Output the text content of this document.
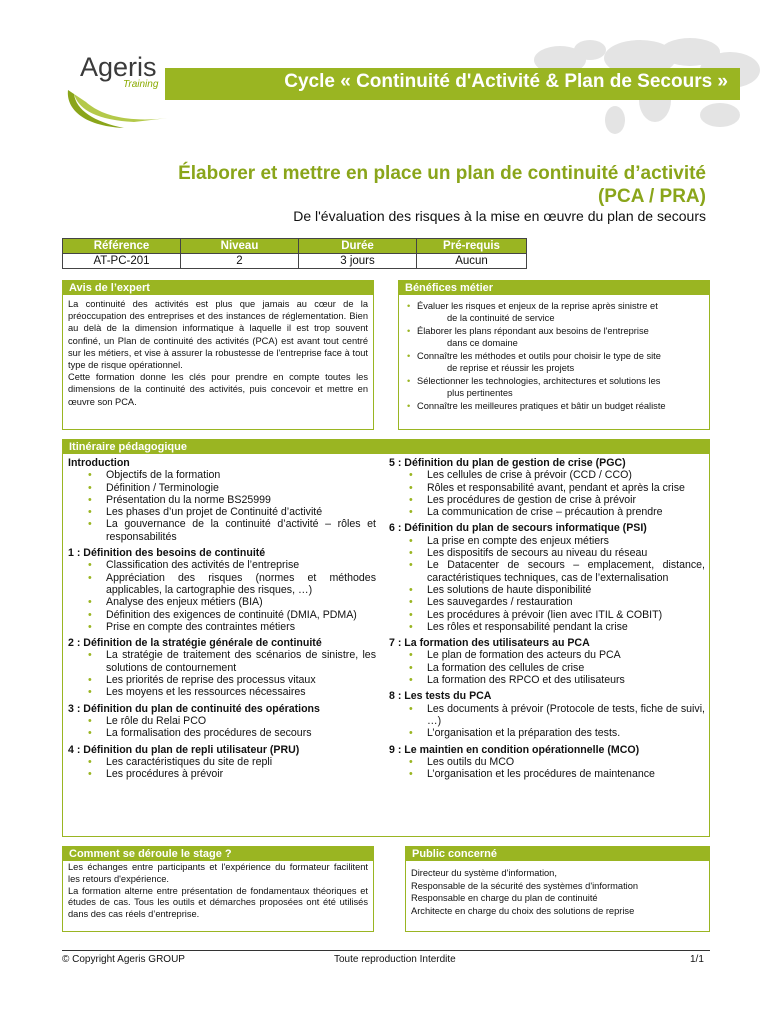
Ageris
Training	Cycle « Continuité d'Activité & Plan de Secours »
Élaborer et mettre en place un plan de continuité d’activité
(PCA / PRA)
De l'évaluation des risques à la mise en œuvre du plan de secours
Référence	Niveau	Durée	Pré-requis
AT-PC-201	2	3 jours	Aucun
Avis de l’expert

La continuité des activités est plus que jamais au cœur de la préoccupation des entreprises et des instances de réglementation. Bien au delà de la dimension informatique à laquelle il est trop souvent confiné, un Plan de continuité des activités (PCA) est avant tout centré sur les métiers, et vise à assurer la robustesse de l'entreprise face à tout type de risque opérationnel.

Cette formation donne les clés pour prendre en compte toutes les dimensions de la continuité des activités, puis concevoir et mettre en œuvre son PCA.

Bénéfices métier
• Évaluer les risques et enjeux de la reprise après sinistre et
de la continuité de service
• Élaborer les plans répondant aux besoins de l'entreprise
dans ce domaine
• Connaître les méthodes et outils pour choisir le type de site
de reprise et réussir les projets
• Sélectionner les technologies, architectures et solutions les
plus pertinentes
• Connaître les meilleures pratiques et bâtir un budget réaliste
Itinéraire pédagogique
Introduction
• Objectifs de la formation
• Définition / Terminologie
• Présentation du la norme BS25999
• Les phases d’un projet de Continuité d’activité
• La gouvernance de la continuité d’activité – rôles et responsabilités
1 : Définition des besoins de continuité
• Classification des activités de l’entreprise
• Appréciation des risques (normes et méthodes applicables, la cartographie des risques, …)
• Analyse des enjeux métiers (BIA)
• Définition des exigences de continuité (DMIA, PDMA)
• Prise en compte des contraintes métiers
2 : Définition de la stratégie générale de continuité
• La stratégie de traitement des scénarios de sinistre, les solutions de contournement
• Les priorités de reprise des processus vitaux
• Les moyens et les ressources nécessaires
3 : Définition du plan de continuité des opérations
• Le rôle du Relai PCO
• La formalisation des procédures de secours
4 : Définition du plan de repli utilisateur (PRU)
• Les caractéristiques du site de repli
• Les procédures à prévoir
5 : Définition du plan de gestion de crise (PGC)
• Les cellules de crise à prévoir (CCD / CCO)
• Rôles et responsabilité avant, pendant et après la crise
• Les procédures de gestion de crise à prévoir
• La communication de crise – précaution à prendre
6 : Définition du plan de secours informatique (PSI)
• La prise en compte des enjeux métiers
• Les dispositifs de secours au niveau du réseau
• Le Datacenter de secours – emplacement, distance, caractéristiques techniques, cas de l’externalisation
• Les solutions de haute disponibilité
• Les sauvegardes / restauration
• Les procédures à prévoir (lien avec ITIL & COBIT)
• Les rôles et responsabilité pendant la crise
7 : La formation des utilisateurs au PCA
• Le plan de formation des acteurs du PCA
• La formation des cellules de crise
• La formation des RPCO et des utilisateurs
8 : Les tests du PCA
• Les documents à prévoir (Protocole de tests, fiche de suivi, …)
• L’organisation et la préparation des tests.
9 : Le maintien en condition opérationnelle (MCO)
• Les outils du MCO
• L’organisation et les procédures de maintenance
Comment se déroule le stage ?

Les échanges entre participants et l'expérience du formateur facilitent les retours d'expérience.

La formation alterne entre présentation de fondamentaux théoriques et études de cas. Tous les outils et démarches proposées ont été utilisés dans des cas réels d’entreprise.

Public concerné
Directeur du système d'information,
Responsable de la sécurité des systèmes d'information
Responsable en charge du plan de continuité
Architecte en charge du choix des solutions de reprise
© Copyright Ageris GROUP	Toute reproduction Interdite	1/1
